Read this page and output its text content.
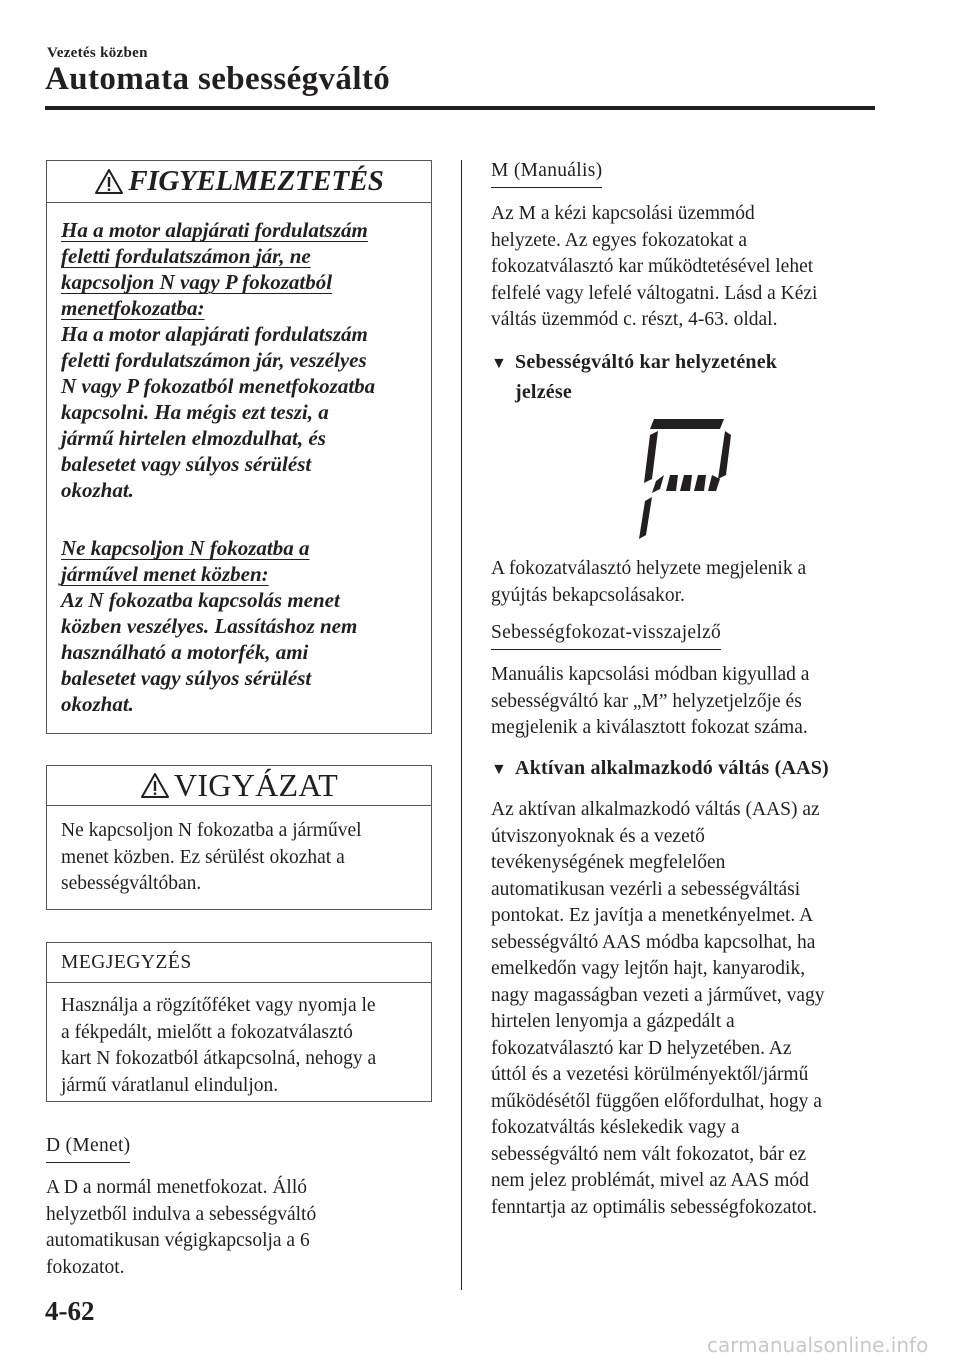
Vezetés közben
Automata sebességváltó
FIGYELMEZTETÉS
Ha a motor alapjárati fordulatszám
feletti fordulatszámon jár, ne
kapcsoljon N vagy P fokozatból
menetfokozatba:
Ha a motor alapjárati fordulatszám
feletti fordulatszámon jár, veszélyes
N vagy P fokozatból menetfokozatba
kapcsolni. Ha mégis ezt teszi, a
jármű hirtelen elmozdulhat, és
balesetet vagy súlyos sérülést
okozhat.
Ne kapcsoljon N fokozatba a
járművel menet közben:
Az N fokozatba kapcsolás menet
közben veszélyes. Lassításhoz nem
használható a motorfék, ami
balesetet vagy súlyos sérülést
okozhat.
VIGYÁZAT
Ne kapcsoljon N fokozatba a járművel
menet közben. Ez sérülést okozhat a
sebességváltóban.
MEGJEGYZÉS
Használja a rögzítőféket vagy nyomja le
a fékpedált, mielőtt a fokozatválasztó
kart N fokozatból átkapcsolná, nehogy a
jármű váratlanul elinduljon.
D (Menet)
A D a normál menetfokozat. Álló
helyzetből indulva a sebességváltó
automatikusan végigkapcsolja a 6
fokozatot.
M (Manuális)
Az M a kézi kapcsolási üzemmód
helyzete. Az egyes fokozatokat a
fokozatválasztó kar működtetésével lehet
felfelé vagy lefelé váltogatni. Lásd a Kézi
váltás üzemmód c. részt, 4-63. oldal.
▼ Sebességváltó kar helyzetének
jelzése
P
A fokozatválasztó helyzete megjelenik a
gyújtás bekapcsolásakor.
Sebességfokozat-visszajelző
Manuális kapcsolási módban kigyullad a
sebességváltó kar „M” helyzetjelzője és
megjelenik a kiválasztott fokozat száma.
▼ Aktívan alkalmazkodó váltás (AAS)
Az aktívan alkalmazkodó váltás (AAS) az
útviszonyoknak és a vezető
tevékenységének megfelelően
automatikusan vezérli a sebességváltási
pontokat. Ez javítja a menetkényelmet. A
sebességváltó AAS módba kapcsolhat, ha
emelkedőn vagy lejtőn hajt, kanyarodik,
nagy magasságban vezeti a járművet, vagy
hirtelen lenyomja a gázpedált a
fokozatválasztó kar D helyzetében. Az
úttól és a vezetési körülményektől/jármű
működésétől függően előfordulhat, hogy a
fokozatváltás késlekedik vagy a
sebességváltó nem vált fokozatot, bár ez
nem jelez problémát, mivel az AAS mód
fenntartja az optimális sebességfokozatot.
4-62
carmanualsonline.info
